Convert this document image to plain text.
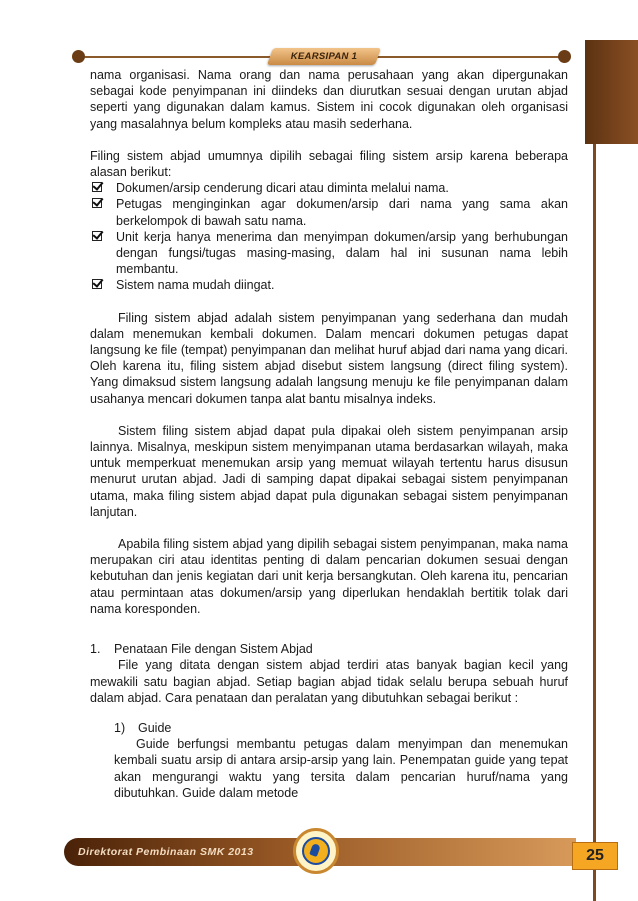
KEARSIPAN 1

nama organisasi. Nama orang dan nama perusahaan yang akan dipergunakan sebagai kode penyimpanan ini diindeks dan diurutkan sesuai dengan urutan abjad seperti yang digunakan dalam kamus. Sistem ini cocok digunakan oleh organisasi yang masalahnya belum kompleks atau masih sederhana.

Filing sistem abjad umumnya dipilih sebagai filing sistem arsip karena beberapa alasan berikut:

Dokumen/arsip cenderung dicari atau diminta melalui nama.
Petugas menginginkan agar dokumen/arsip dari nama yang sama akan berkelompok di bawah satu nama.
Unit kerja hanya menerima dan menyimpan dokumen/arsip yang berhubungan dengan fungsi/tugas masing-masing, dalam hal ini susunan nama lebih membantu.
Sistem nama mudah diingat.

Filing sistem abjad adalah sistem penyimpanan yang sederhana dan mudah dalam menemukan kembali dokumen. Dalam mencari dokumen petugas dapat langsung ke file (tempat) penyimpanan dan melihat huruf abjad dari nama yang dicari. Oleh karena itu, filing sistem abjad disebut sistem langsung (direct filing system). Yang dimaksud sistem langsung adalah langsung menuju ke file penyimpanan dalam usahanya mencari dokumen tanpa alat bantu misalnya indeks.

Sistem filing sistem abjad dapat pula dipakai oleh sistem penyimpanan arsip lainnya. Misalnya, meskipun sistem menyimpanan utama berdasarkan wilayah, maka untuk memperkuat menemukan arsip yang memuat wilayah tertentu harus disusun menurut urutan abjad. Jadi di samping dapat dipakai sebagai sistem penyimpanan utama, maka filing sistem abjad dapat pula digunakan sebagai sistem penyimpanan lanjutan.

Apabila filing sistem abjad yang dipilih sebagai sistem penyimpanan, maka nama merupakan ciri atau identitas penting di dalam pencarian dokumen sesuai dengan kebutuhan dan jenis kegiatan dari unit kerja bersangkutan. Oleh karena itu, pencarian atau permintaan atas dokumen/arsip yang diperlukan hendaklah bertitik tolak dari nama koresponden.

1. Penataan File dengan Sistem Abjad

File yang ditata dengan sistem abjad terdiri atas banyak bagian kecil yang mewakili satu bagian abjad. Setiap bagian abjad tidak selalu berupa sebuah huruf dalam abjad. Cara penataan dan peralatan yang dibutuhkan sebagai berikut :

1) Guide

Guide berfungsi membantu petugas dalam menyimpan dan menemukan kembali suatu arsip di antara arsip-arsip yang lain. Penempatan guide yang tepat akan mengurangi waktu yang tersita dalam pencarian huruf/nama yang dibutuhkan. Guide dalam metode

Direktorat Pembinaan SMK 2013	25
